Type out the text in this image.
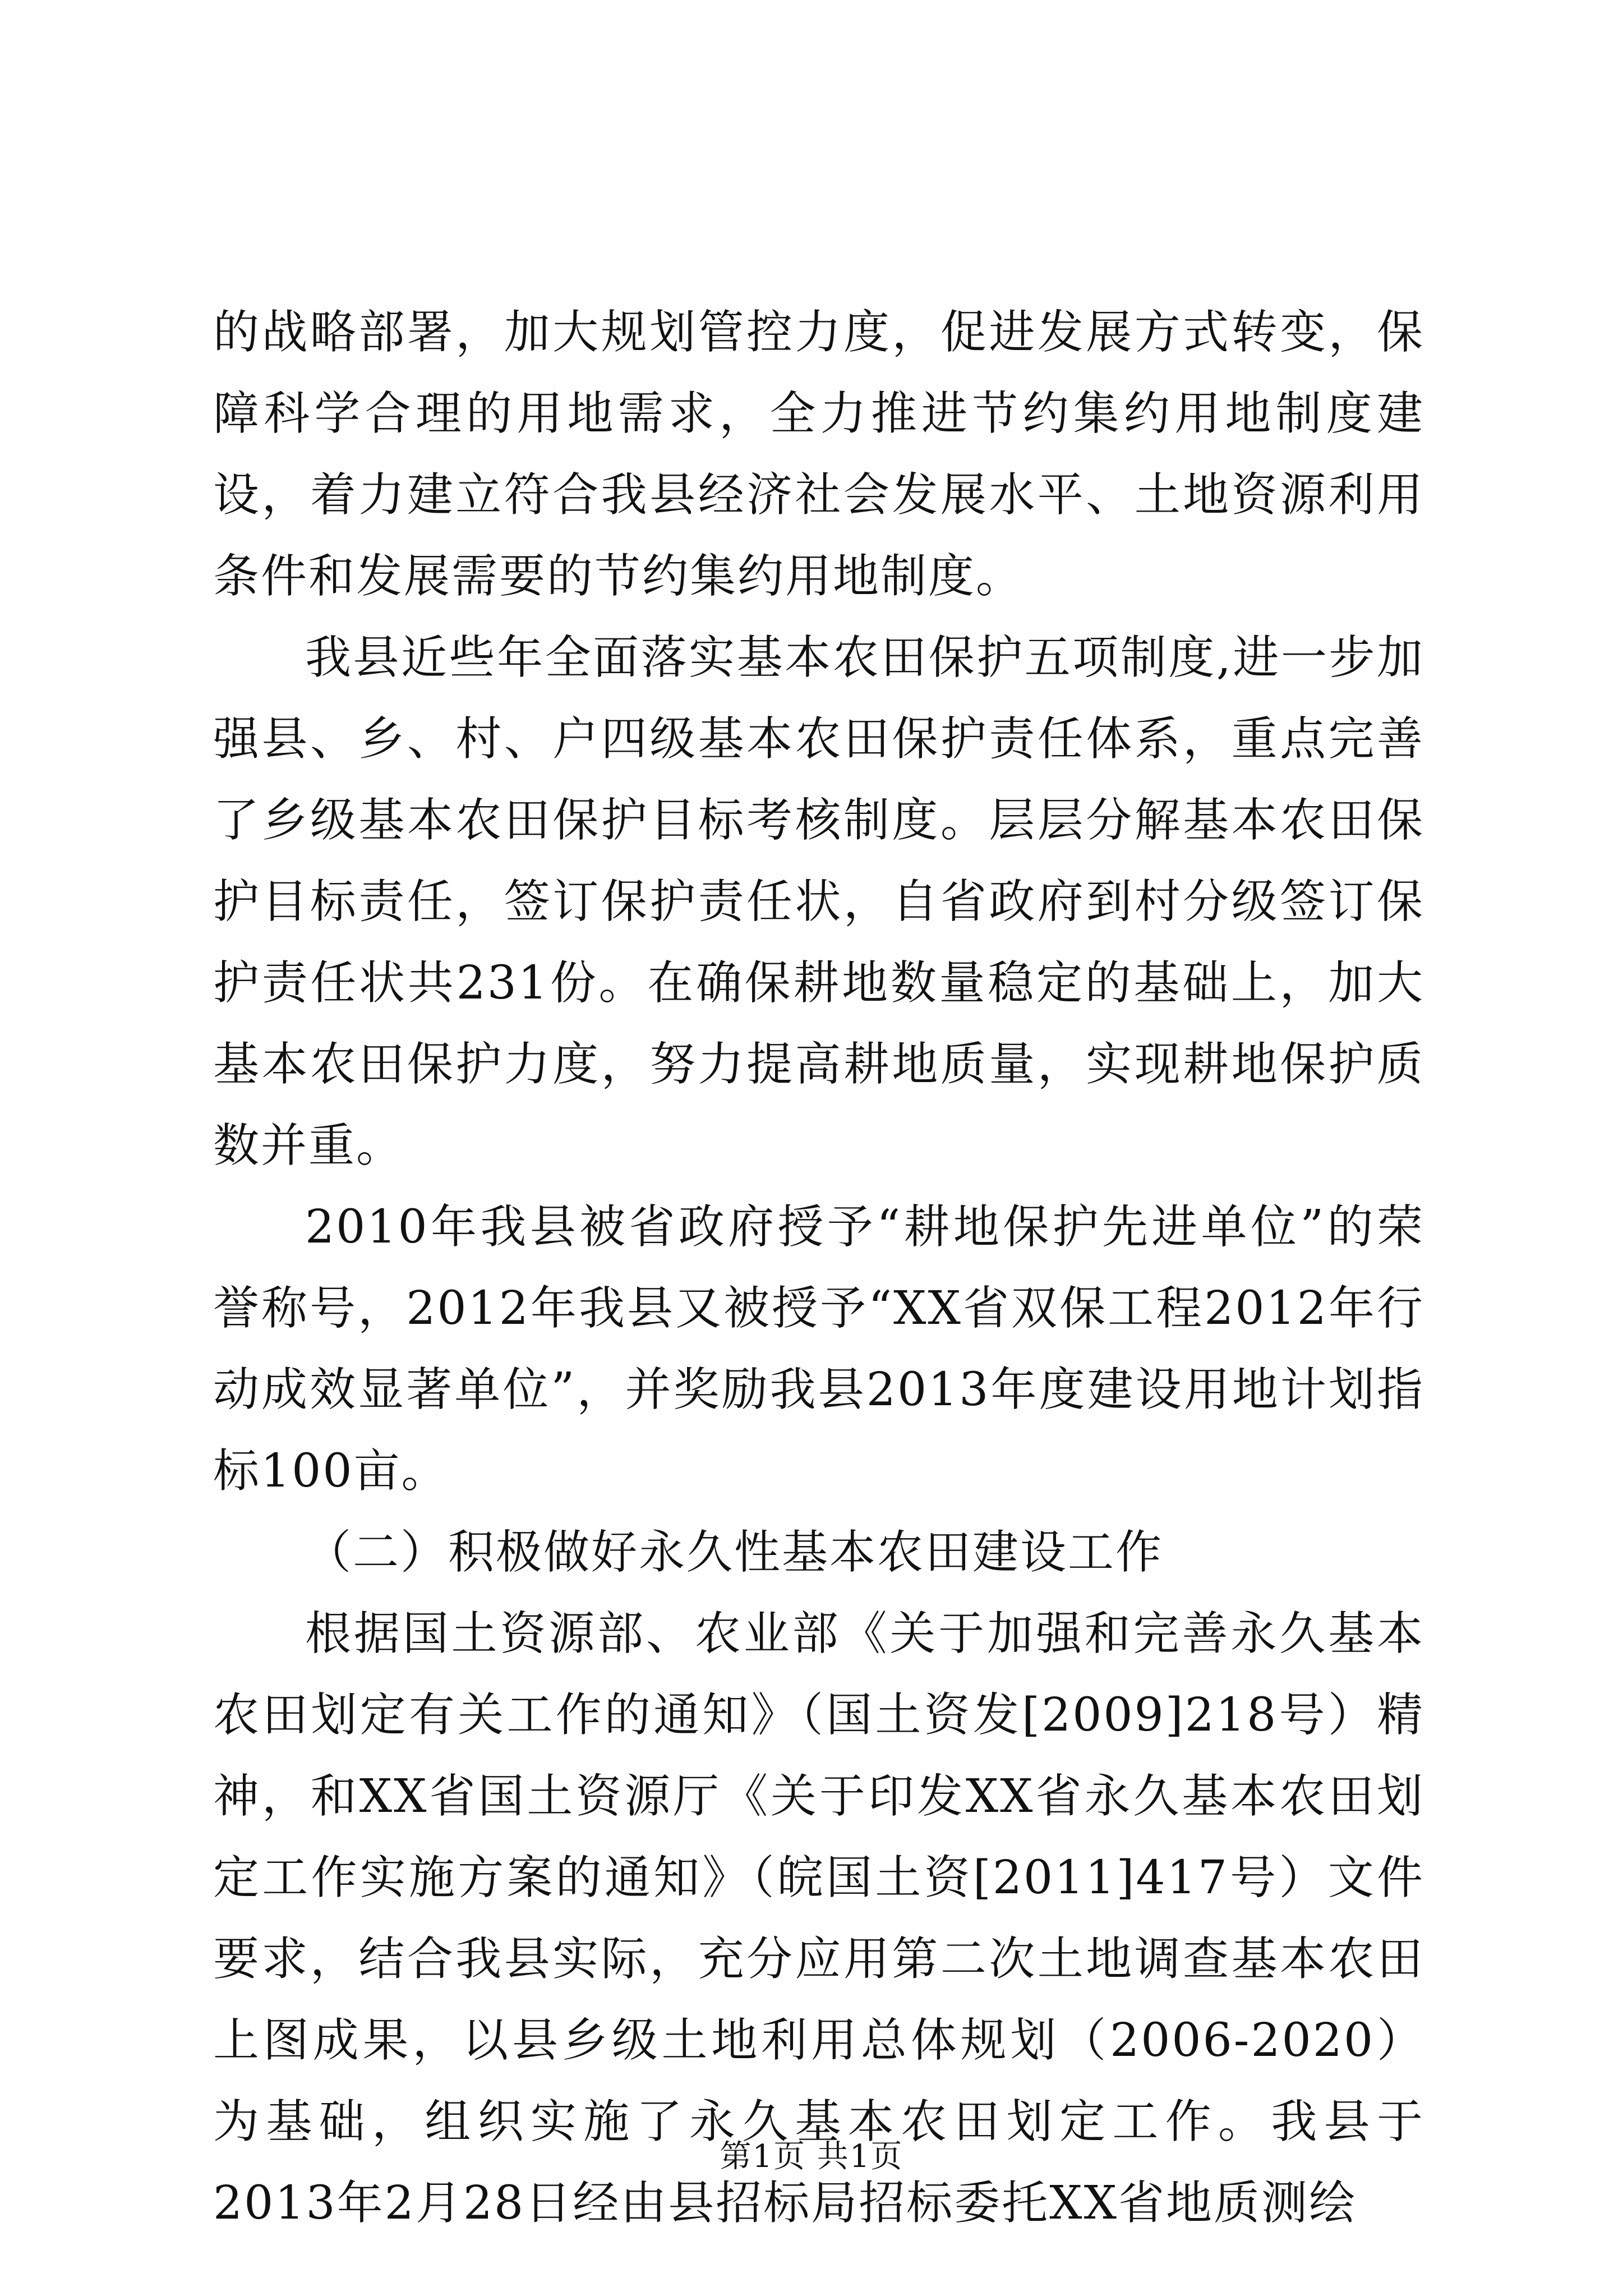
的战略部署，加大规划管控力度，促进发展方式转变，保障科学合理的用地需求，全力推进节约集约用地制度建设，着力建立符合我县经济社会发展水平、土地资源利用条件和发展需要的节约集约用地制度。

我县近些年全面落实基本农田保护五项制度,进一步加强县、乡、村、户四级基本农田保护责任体系，重点完善了乡级基本农田保护目标考核制度。层层分解基本农田保护目标责任，签订保护责任状，自省政府到村分级签订保护责任状共231份。在确保耕地数量稳定的基础上，加大基本农田保护力度，努力提高耕地质量，实现耕地保护质数并重。

2010年我县被省政府授予“耕地保护先进单位”的荣誉称号，2012年我县又被授予“XX省双保工程2012年行动成效显著单位”，并奖励我县2013年度建设用地计划指标100亩。

（二）积极做好永久性基本农田建设工作

根据国土资源部、农业部《关于加强和完善永久基本农田划定有关工作的通知》（国土资发[2009]218号）精神，和XX省国土资源厅《关于印发XX省永久基本农田划定工作实施方案的通知》（皖国土资[2011]417号）文件要求，结合我县实际，充分应用第二次土地调查基本农田上图成果，以县乡级土地利用总体规划（2006-2020）为基础，组织实施了永久基本农田划定工作。我县于2013年2月28日经由县招标局招标委托XX省地质测绘

第1页 共1页
